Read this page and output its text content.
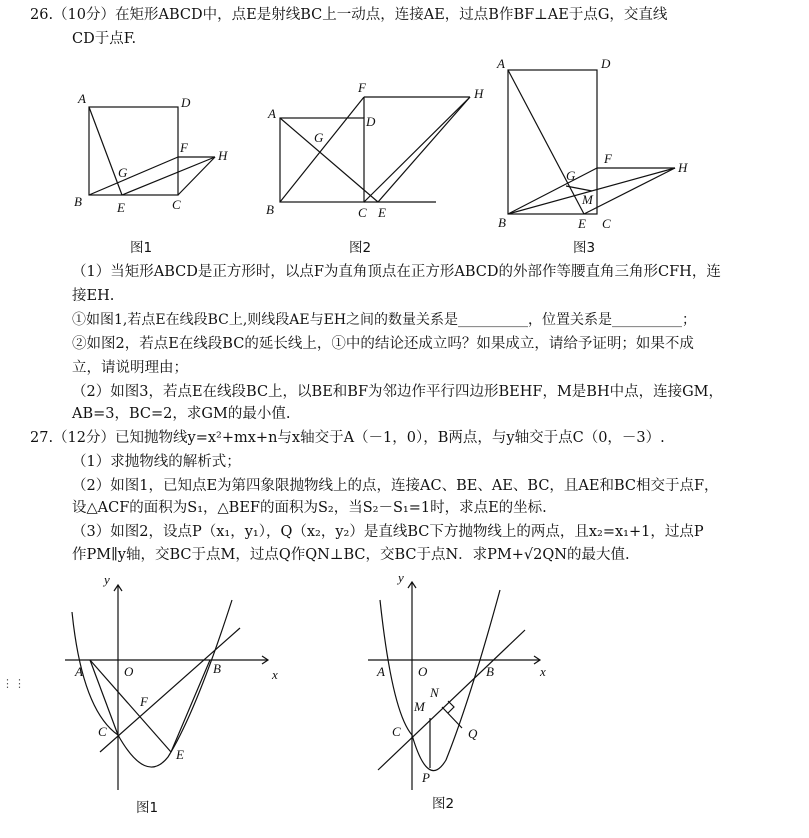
26.（10分）在矩形ABCD中，点E是射线BC上一动点，连接AE，过点B作BF⊥AE于点G，交直线
CD于点F.
（1）当矩形ABCD是正方形时，以点F为直角顶点在正方形ABCD的外部作等腰直角三角形CFH，连
接EH.
①如图1,若点E在线段BC上,则线段AE与EH之间的数量关系是__________，位置关系是__________；
②如图2，若点E在线段BC的延长线上，①中的结论还成立吗？如果成立，请给予证明；如果不成
立，请说明理由；
（2）如图3，若点E在线段BC上，以BE和BF为邻边作平行四边形BEHF，M是BH中点，连接GM，
AB=3，BC=2，求GM的最小值.
27.（12分）已知抛物线y=x²+mx+n与x轴交于A（－1，0），B两点，与y轴交于点C（0，－3）.
（1）求抛物线的解析式；
（2）如图1，已知点E为第四象限抛物线上的点，连接AC、BE、AE、BC，且AE和BC相交于点F，
设△ACF的面积为S₁，△BEF的面积为S₂，当S₂－S₁=1时，求点E的坐标.
（3）如图2，设点P（x₁，y₁），Q（x₂，y₂）是直线BC下方抛物线上的两点，且x₂=x₁+1，过点P
作PM∥y轴，交BC于点M，过点Q作QN⊥BC，交BC于点N．求PM+√2QN的最大值.
A	D
F
H
G
B	E	C
F	H
A
D
G
B	C E
A	D
F
H
G
M
B	E C
图1	图2	图3
y
A	O	B	x
F
C
E
图1
y
A	O	B	x
N
M
C	Q
P
图2
⋮⋮
